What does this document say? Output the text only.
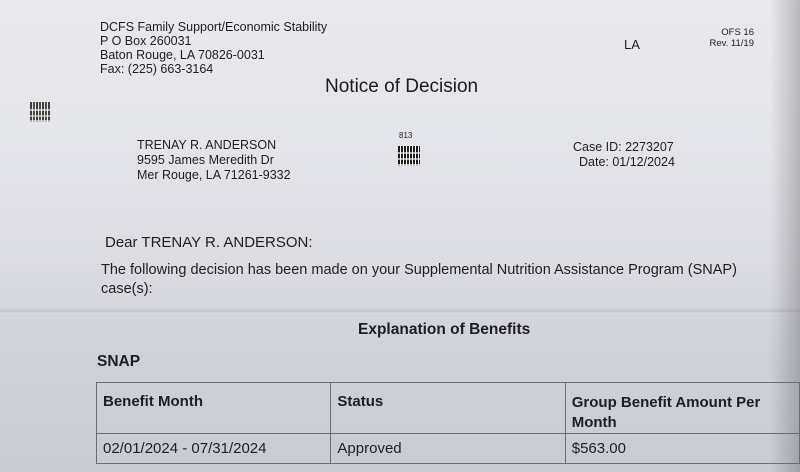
DCFS Family Support/Economic Stability
P O Box 260031
Baton Rouge, LA 70826-0031
Fax: (225) 663-3164
LA
OFS 16
Rev. 11/19
Notice of Decision
813
TRENAY R. ANDERSON
9595 James Meredith Dr
Mer Rouge, LA 71261-9332
Case ID: 2273207
Date: 01/12/2024
Dear TRENAY R. ANDERSON:
The following decision has been made on your Supplemental Nutrition Assistance Program (SNAP) case(s):
Explanation of Benefits
SNAP
Benefit Month	Status	Group Benefit Amount Per Month
02/01/2024 - 07/31/2024	Approved	$563.00
